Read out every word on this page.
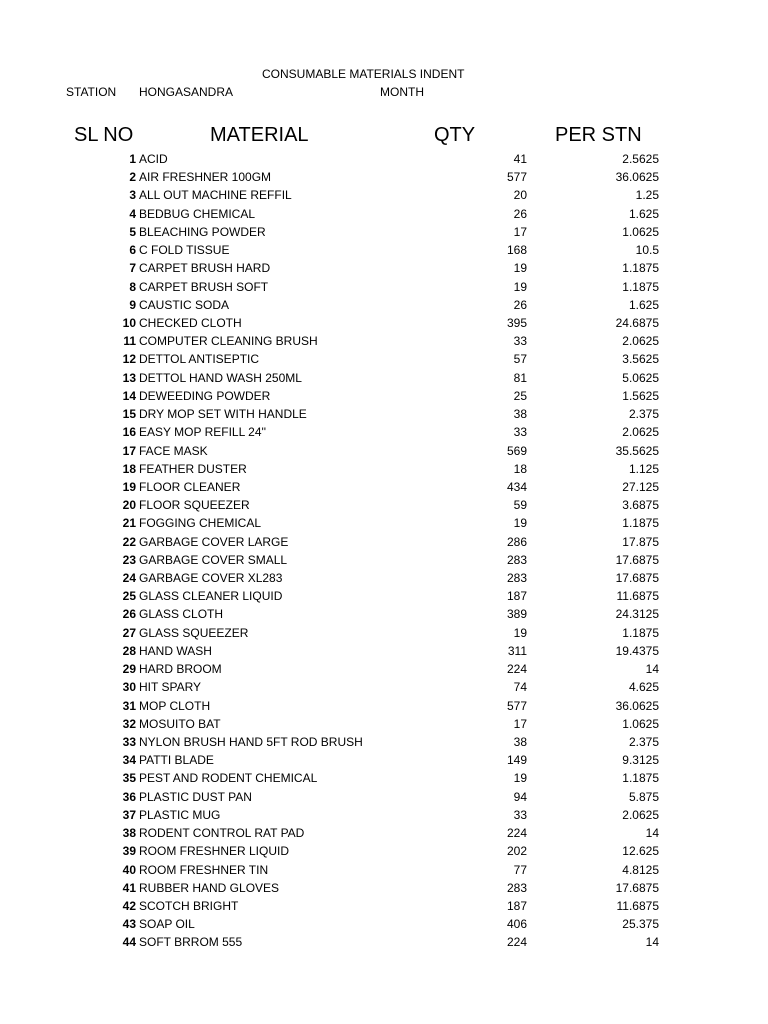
CONSUMABLE MATERIALS INDENT
STATION HONGASANDRA	MONTH
SL NO	MATERIAL	QTY	PER STN
1 ACID	41	2.5625
2 AIR FRESHNER 100GM	577	36.0625
3 ALL OUT MACHINE REFFIL	20	1.25
4 BEDBUG CHEMICAL	26	1.625
5 BLEACHING POWDER	17	1.0625
6 C FOLD TISSUE	168	10.5
7 CARPET BRUSH HARD	19	1.1875
8 CARPET BRUSH SOFT	19	1.1875
9 CAUSTIC SODA	26	1.625
10 CHECKED CLOTH	395	24.6875
11 COMPUTER CLEANING BRUSH	33	2.0625
12 DETTOL ANTISEPTIC	57	3.5625
13 DETTOL HAND WASH 250ML	81	5.0625
14 DEWEEDING POWDER	25	1.5625
15 DRY MOP SET WITH HANDLE	38	2.375
16 EASY MOP REFILL 24''	33	2.0625
17 FACE MASK	569	35.5625
18 FEATHER DUSTER	18	1.125
19 FLOOR CLEANER	434	27.125
20 FLOOR SQUEEZER	59	3.6875
21 FOGGING CHEMICAL	19	1.1875
22 GARBAGE COVER LARGE	286	17.875
23 GARBAGE COVER SMALL	283	17.6875
24 GARBAGE COVER XL283	283	17.6875
25 GLASS CLEANER LIQUID	187	11.6875
26 GLASS CLOTH	389	24.3125
27 GLASS SQUEEZER	19	1.1875
28 HAND WASH	311	19.4375
29 HARD BROOM	224	14
30 HIT SPARY	74	4.625
31 MOP CLOTH	577	36.0625
32 MOSUITO BAT	17	1.0625
33 NYLON BRUSH HAND 5FT ROD BRUSH	38	2.375
34 PATTI BLADE	149	9.3125
35 PEST AND RODENT CHEMICAL	19	1.1875
36 PLASTIC DUST PAN	94	5.875
37 PLASTIC MUG	33	2.0625
38 RODENT CONTROL RAT PAD	224	14
39 ROOM FRESHNER LIQUID	202	12.625
40 ROOM FRESHNER TIN	77	4.8125
41 RUBBER HAND GLOVES	283	17.6875
42 SCOTCH BRIGHT	187	11.6875
43 SOAP OIL	406	25.375
44 SOFT BRROM 555	224	14
